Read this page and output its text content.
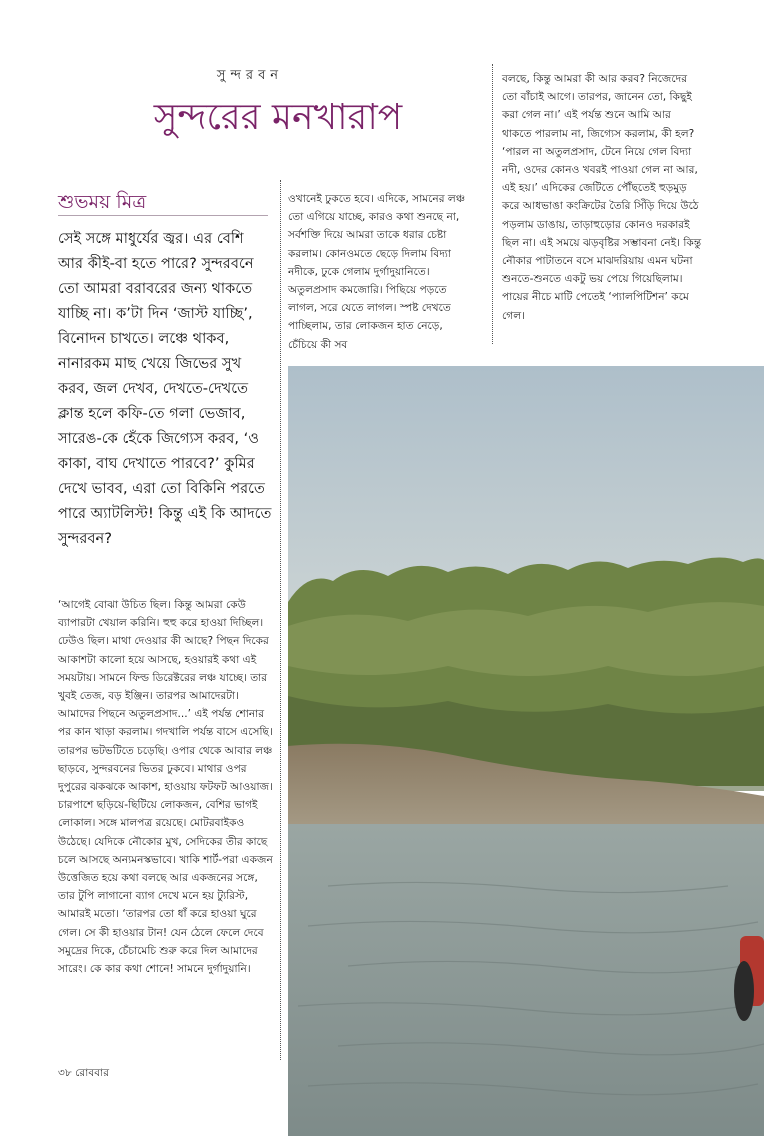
সুন্দরবন
সুন্দরের মনখারাপ
শুভময় মিত্র

সেই সঙ্গে মাধুর্যের জ্বর। এর বেশি আর কীই-বা হতে পারে? সুন্দরবনে তো আমরা বরাবরের জন্য থাকতে যাচ্ছি না। ক’টা দিন ‘জাস্ট যাচ্ছি’, বিনোদন চাখতে। লঞ্চে থাকব, নানারকম মাছ খেয়ে জিভের সুখ করব, জল দেখব, দেখতে-দেখতে ক্লান্ত হলে কফি-তে গলা ভেজাব, সারেঙ-কে হেঁকে জিগ্যেস করব, ‘ও কাকা, বাঘ দেখাতে পারবে?’ কুমির দেখে ভাবব, এরা তো বিকিনি পরতে পারে অ্যাটলিস্ট! কিন্তু এই কি আদতে সুন্দরবন?

‘আগেই বোঝা উচিত ছিল। কিন্তু আমরা কেউ ব্যাপারটা খেয়াল করিনি। হুহু করে হাওয়া দিচ্ছিল। ঢেউও ছিল। মাথা দেওয়ার কী আছে? পিছন দিকের আকাশটা কালো হয়ে আসছে, হওয়ারই কথা এই সময়টায়। সামনে ফিল্ড ডিরেক্টরের লঞ্চ যাচ্ছে। তার খুবই তেজ, বড় ইঞ্জিন। তারপর আমাদেরটা। আমাদের পিছনে অতুলপ্রসাদ...’ এই পর্যন্ত শোনার পর কান খাড়া করলাম। গদখালি পর্যন্ত বাসে এসেছি। তারপর ভটভটিতে চড়েছি। ওপার থেকে আবার লঞ্চ ছাড়বে, সুন্দরবনের ভিতর ঢুকবে। মাথার ওপর দুপুরের ঝকঝকে আকাশ, হাওয়ায় ফটফট আওয়াজ। চারপাশে ছড়িয়ে-ছিটিয়ে লোকজন, বেশির ভাগই লোকাল। সঙ্গে মালপত্র রয়েছে। মোটরবাইকও উঠেছে। যেদিকে নৌকোর মুখ, সেদিকের তীর কাছে চলে আসছে অন্যমনস্কভাবে। খাকি শার্ট-পরা একজন উত্তেজিত হয়ে কথা বলছে আর একজনের সঙ্গে, তার টুপি লাগানো ব্যাগ দেখে মনে হয় ট্যুরিস্ট, আমারই মতো। ‘তারপর তো ধাঁ করে হাওয়া ঘুরে গেল। সে কী হাওয়ার টান! যেন ঠেলে ফেলে দেবে সমুদ্রের দিকে, চেঁচামেচি শুরু করে দিল আমাদের সারেং। কে কার কথা শোনে! সামনে দুর্গাদুয়ানি।

ওখানেই ঢুকতে হবে। এদিকে, সামনের লঞ্চ তো এগিয়ে যাচ্ছে, কারও কথা শুনছে না, সর্বশক্তি দিয়ে আমরা তাকে ধরার চেষ্টা করলাম। কোনওমতে ছেড়ে দিলাম বিদ্যা নদীকে, ঢুকে গেলাম দুর্গাদুয়ানিতে। অতুলপ্রসাদ কমজোরি। পিছিয়ে পড়তে লাগল, সরে যেতে লাগল। স্পষ্ট দেখতে পাচ্ছিলাম, তার লোকজন হাত নেড়ে, চেঁচিয়ে কী সব

বলছে, কিন্তু আমরা কী আর করব? নিজেদের তো বাঁচাই আগে। তারপর, জানেন তো, কিছুই করা গেল না।’ এই পর্যন্ত শুনে আমি আর থাকতে পারলাম না, জিগ্যেস করলাম, কী হল? ‘পারল না অতুলপ্রসাদ, টেনে নিয়ে গেল বিদ্যা নদী, ওদের কোনও খবরই পাওয়া গেল না আর, এই হয়।’ এদিকের জেটিতে পৌঁছতেই হুড়মুড় করে আধভাঙা কংক্রিটের তৈরি সিঁড়ি দিয়ে উঠে পড়লাম ডাঙায়, তাড়াহুড়োর কোনও দরকারই ছিল না। এই সময়ে ঝড়বৃষ্টির সম্ভাবনা নেই। কিন্তু নৌকার পাটাতনে বসে মাঝদরিয়ায় এমন ঘটনা শুনতে-শুনতে একটু ভয় পেয়ে গিয়েছিলাম। পায়ের নীচে মাটি পেতেই ‘প্যালপিটিশন’ কমে গেল।

৩৮ রোববার
